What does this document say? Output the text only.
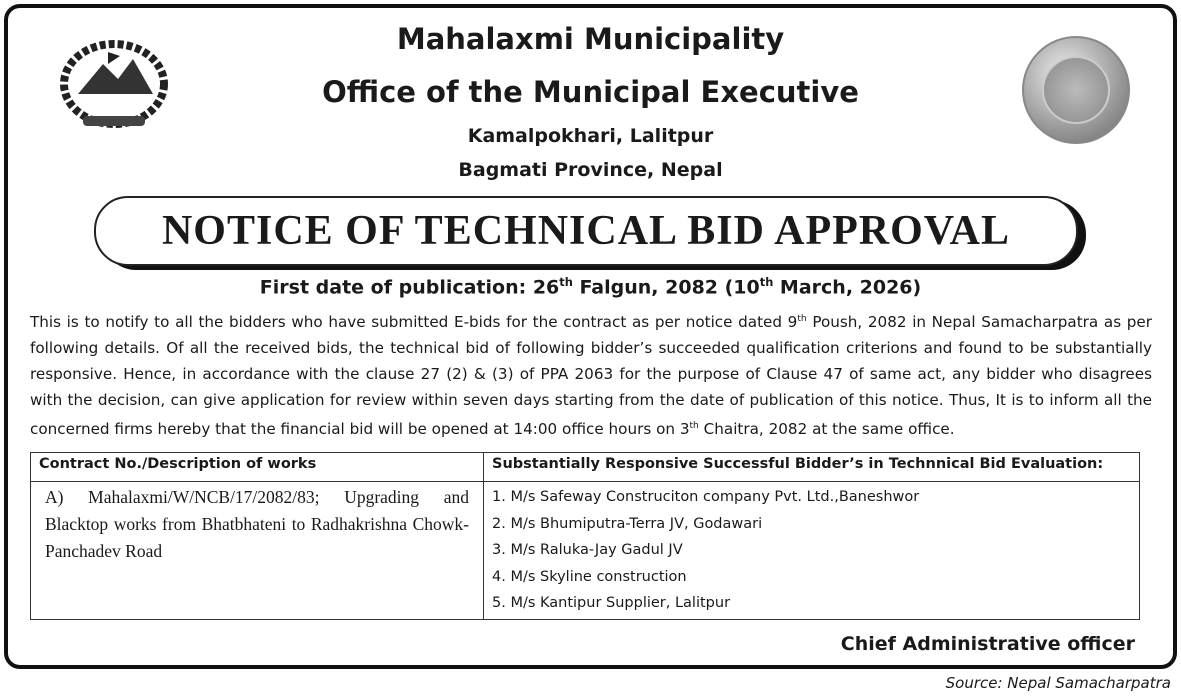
Mahalaxmi Municipality
Office of the Municipal Executive
Kamalpokhari, Lalitpur
Bagmati Province, Nepal
NOTICE OF TECHNICAL BID APPROVAL
First date of publication: 26th Falgun, 2082 (10th March, 2026)
This is to notify to all the bidders who have submitted E-bids for the contract as per notice dated 9th Poush, 2082 in Nepal Samacharpatra as per following details. Of all the received bids, the technical bid of following bidder’s succeeded qualification criterions and found to be substantially responsive. Hence, in accordance with the clause 27 (2) & (3) of PPA 2063 for the purpose of Clause 47 of same act, any bidder who disagrees with the decision, can give application for review within seven days starting from the date of publication of this notice. Thus, It is to inform all the concerned firms hereby that the financial bid will be opened at 14:00 office hours on 3th Chaitra, 2082 at the same office.
Contract No./Description of works	Substantially Responsive Successful Bidder’s in Technnical Bid Evaluation:
A) Mahalaxmi/W/NCB/17/2082/83; Upgrading and Blacktop works from Bhatbhateni to Radhakrishna Chowk- Panchadev Road	1. M/s Safeway Construciton company Pvt. Ltd.,Baneshwor
2. M/s Bhumiputra-Terra JV, Godawari
3. M/s Raluka-Jay Gadul JV
4. M/s Skyline construction
5. M/s Kantipur Supplier, Lalitpur
Chief Administrative officer
Source: Nepal Samacharpatra
